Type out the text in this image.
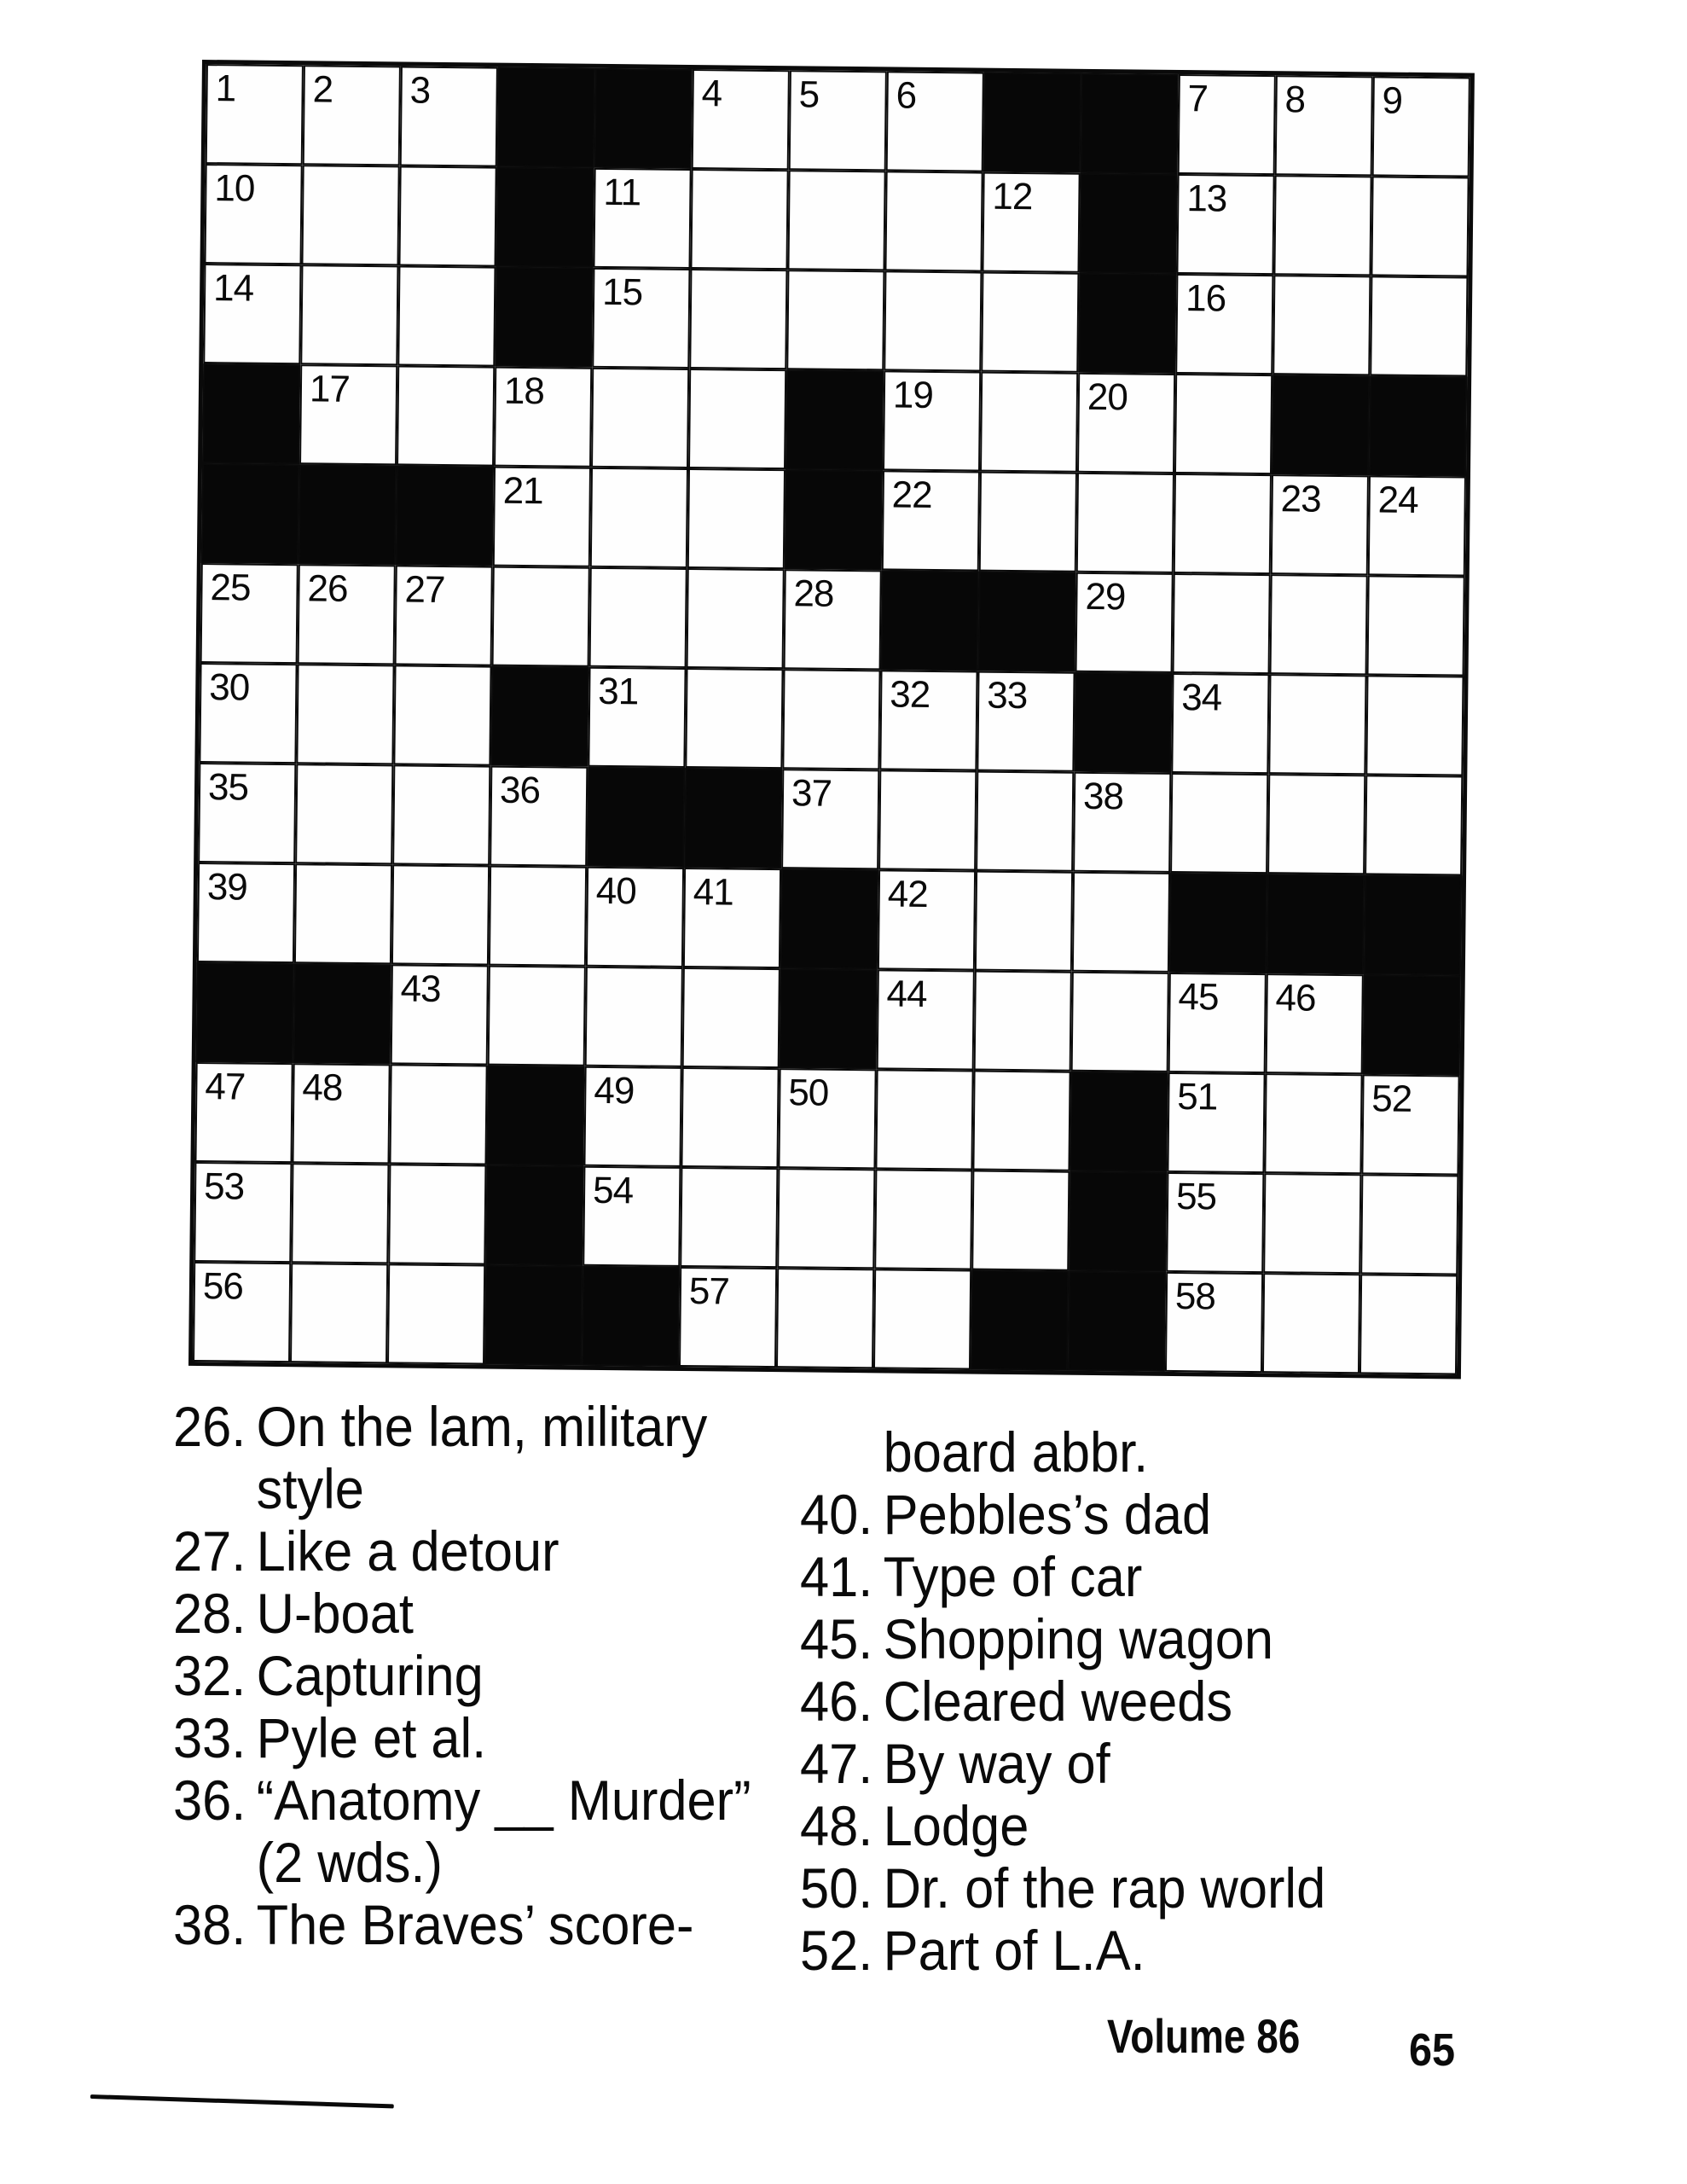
1 2 3	4 5 6	7 8 9
10	11	12	13
14	15	16
17	18	19	20
21	22	23 24
25 26 27	28	29
30	31	32 33	34
35	36	37	38
39	40 41	42
43	44	45 46
47 48	49	50	51	52
53	54	55
56	57	58
26. On the lam, military
style
27. Like a detour
28. U-boat
32. Capturing
33. Pyle et al.
36. “Anatomy __ Murder”
(2 wds.)
38. The Braves’ score-
board abbr.
40. Pebbles’s dad
41. Type of car
45. Shopping wagon
46. Cleared weeds
47. By way of
48. Lodge
50. Dr. of the rap world
52. Part of L.A.
Volume 86 65
